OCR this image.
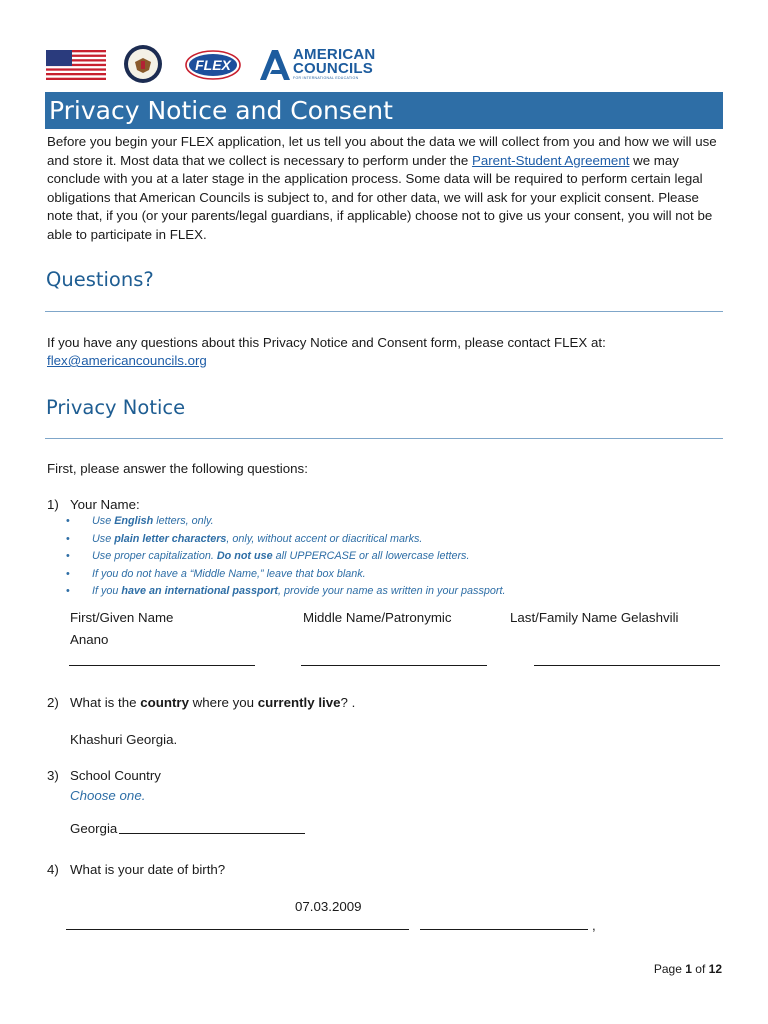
FLEX
AMERICAN
COUNCILS
FOR INTERNATIONAL EDUCATION
Privacy Notice and Consent
Before you begin your FLEX application, let us tell you about the data we will collect from you and how we will use and store it. Most data that we collect is necessary to perform under the Parent-Student Agreement we may conclude with you at a later stage in the application process. Some data will be required to perform certain legal obligations that American Councils is subject to, and for other data, we will ask for your explicit consent. Please note that, if you (or your parents/legal guardians, if applicable) choose not to give us your consent, you will not be able to participate in FLEX.
Questions?
If you have any questions about this Privacy Notice and Consent form, please contact FLEX at:
flex@americancouncils.org
Privacy Notice
First, please answer the following questions:
1) Your Name:
• Use English letters, only.
• Use plain letter characters, only, without accent or diacritical marks.
• Use proper capitalization. Do not use all UPPERCASE or all lowercase letters.
• If you do not have a “Middle Name,” leave that box blank.
• If you have an international passport, provide your name as written in your passport.
First/Given Name	Middle Name/Patronymic	Last/Family Name Gelashvili
Anano
2) What is the country where you currently live? .
Khashuri Georgia.
3) School Country
Choose one.
Georgia
4) What is your date of birth?
07.03.2009
,
Page 1 of 12
